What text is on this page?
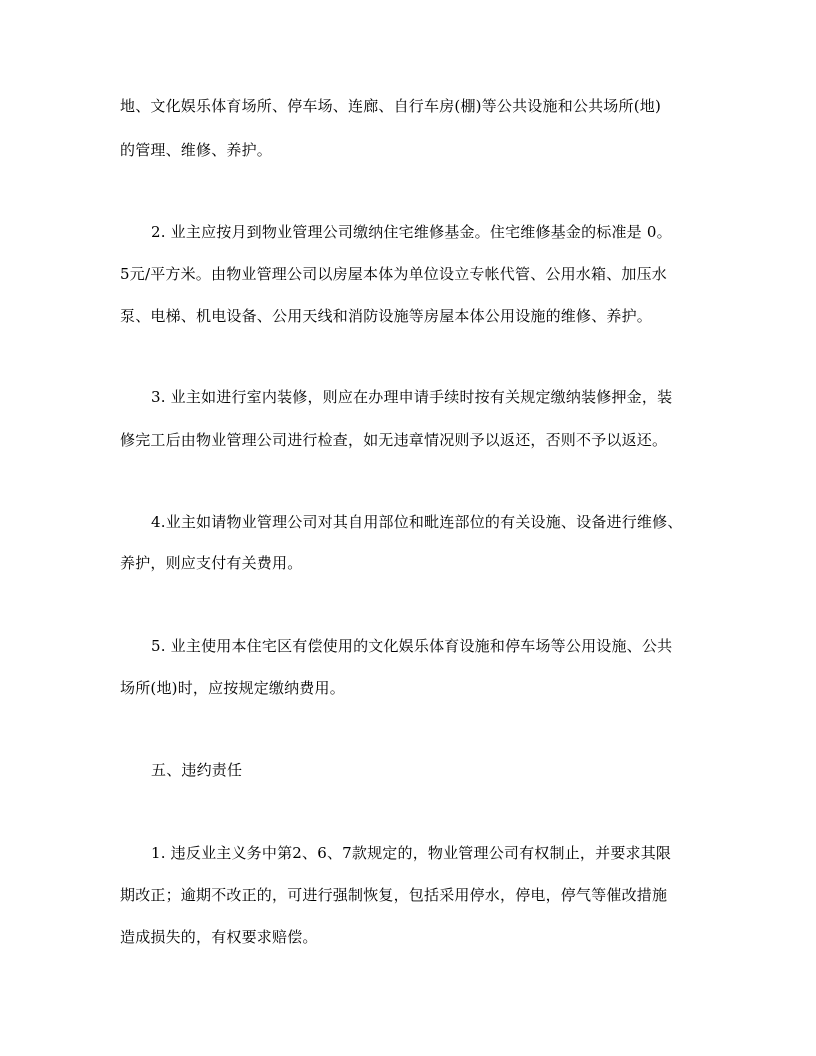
地、文化娱乐体育场所、停车场、连廊、自行车房(棚)等公共设施和公共场所(地)
的管理、维修、养护。
2. 业主应按月到物业管理公司缴纳住宅维修基金。住宅维修基金的标准是 0。
5元/平方米。由物业管理公司以房屋本体为单位设立专帐代管、公用水箱、加压水
泵、电梯、机电设备、公用天线和消防设施等房屋本体公用设施的维修、养护。
3. 业主如进行室内装修，则应在办理申请手续时按有关规定缴纳装修押金，装
修完工后由物业管理公司进行检查，如无违章情况则予以返还，否则不予以返还。
4.业主如请物业管理公司对其自用部位和毗连部位的有关设施、设备进行维修、
养护，则应支付有关费用。
5. 业主使用本住宅区有偿使用的文化娱乐体育设施和停车场等公用设施、公共
场所(地)时，应按规定缴纳费用。
五、违约责任
1. 违反业主义务中第2、6、7款规定的，物业管理公司有权制止，并要求其限
期改正；逾期不改正的，可进行强制恢复，包括采用停水，停电，停气等催改措施
造成损失的，有权要求赔偿。
